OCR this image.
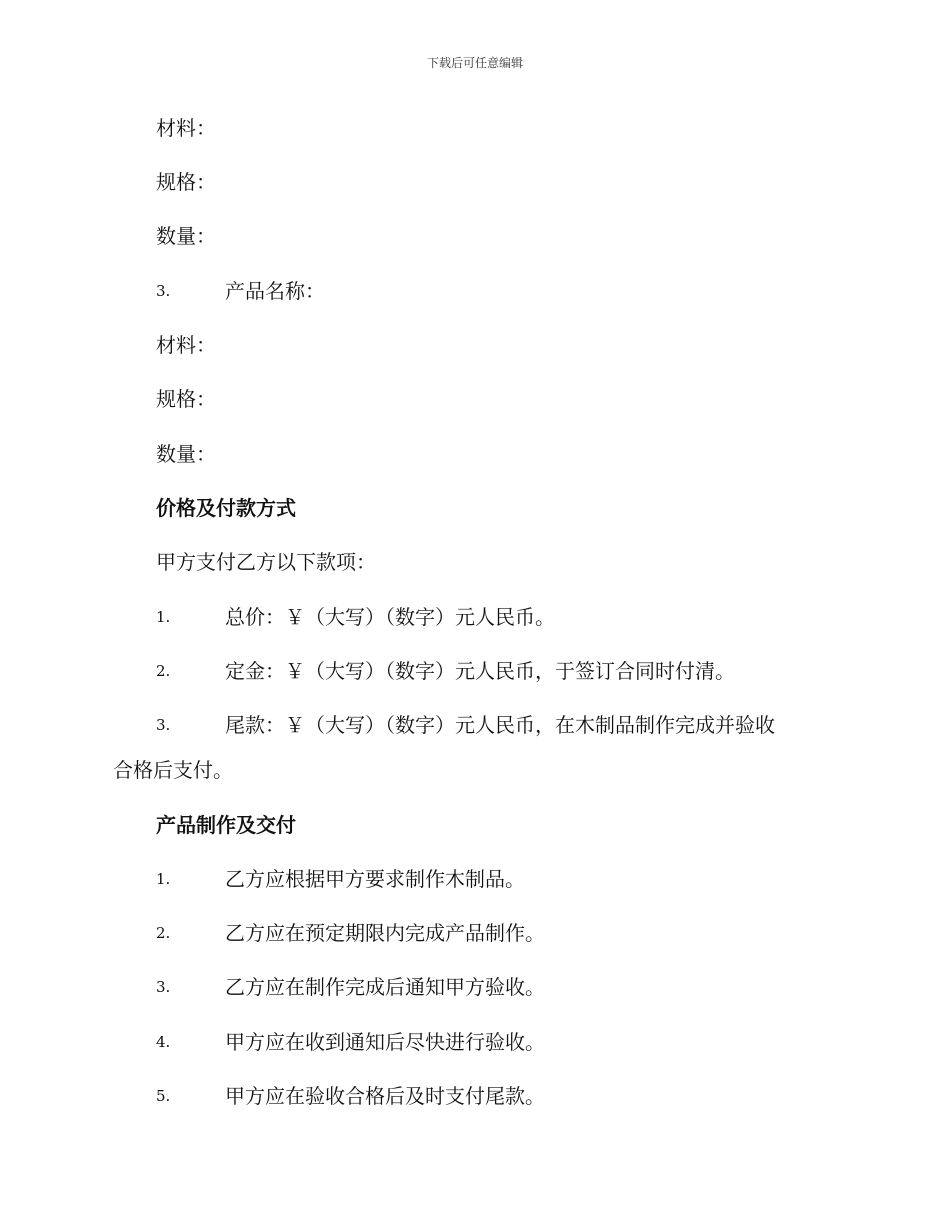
下载后可任意编辑
材料：
规格：
数量：
3.	产品名称：
材料：
规格：
数量：
价格及付款方式
甲方支付乙方以下款项：
1.	总价：￥（大写）（数字）元人民币。
2.	定金：￥（大写）（数字）元人民币，于签订合同时付清。
3.	尾款：￥（大写）（数字）元人民币，在木制品制作完成并验收
合格后支付。
产品制作及交付
1.	乙方应根据甲方要求制作木制品。
2.	乙方应在预定期限内完成产品制作。
3.	乙方应在制作完成后通知甲方验收。
4.	甲方应在收到通知后尽快进行验收。
5.	甲方应在验收合格后及时支付尾款。
